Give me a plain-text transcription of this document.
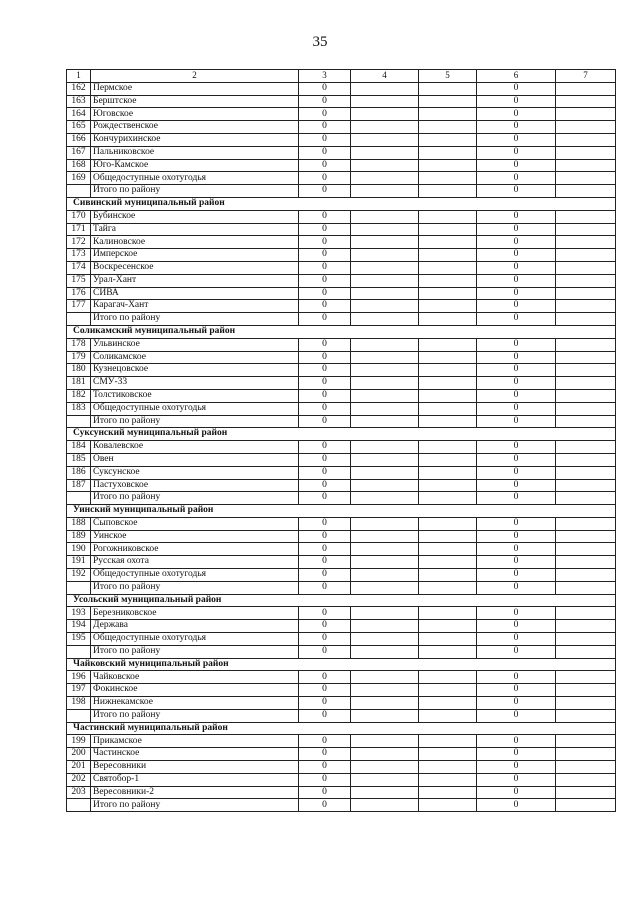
35
1	2	3	4	5	6	7
162	Пермское	0			0	
163	Берштское	0			0	
164	Юговское	0			0	
165	Рождественское	0			0	
166	Кончурихинское	0			0	
167	Пальниковское	0			0	
168	Юго-Камское	0			0	
169	Общедоступные охотугодья	0			0	
	Итого по району	0			0	
Сивинский муниципальный район						
170	Бубинское	0			0	
171	Тайга	0			0	
172	Калиновское	0			0	
173	Имперское	0			0	
174	Воскресенское	0			0	
175	Урал-Хант	0			0	
176	СИВА	0			0	
177	Карагач-Хант	0			0	
	Итого по району	0			0	
Соликамский муниципальный район						
178	Ульвинское	0			0	
179	Соликамское	0			0	
180	Кузнецовское	0			0	
181	СМУ-33	0			0	
182	Толстиковское	0			0	
183	Общедоступные охотугодья	0			0	
	Итого по району	0			0	
Суксунский муниципальный район						
184	Ковалевское	0			0	
185	Овен	0			0	
186	Суксунское	0			0	
187	Пастуховское	0			0	
	Итого по району	0			0	
Уинский муниципальный район						
188	Сыповское	0			0	
189	Уинское	0			0	
190	Рогожниковское	0			0	
191	Русская охота	0			0	
192	Общедоступные охотугодья	0			0	
	Итого по району	0			0	
Усольский муниципальный район						
193	Березниковское	0			0	
194	Держава	0			0	
195	Общедоступные охотугодья	0			0	
	Итого по району	0			0	
Чайковский муниципальный район						
196	Чайковское	0			0	
197	Фокинское	0			0	
198	Нижнекамское	0			0	
	Итого по району	0			0	
Частинский муниципальный район						
199	Прикамское	0			0	
200	Частинское	0			0	
201	Вересовники	0			0	
202	Святобор-1	0			0	
203	Вересовники-2	0			0	
	Итого по району	0			0	
